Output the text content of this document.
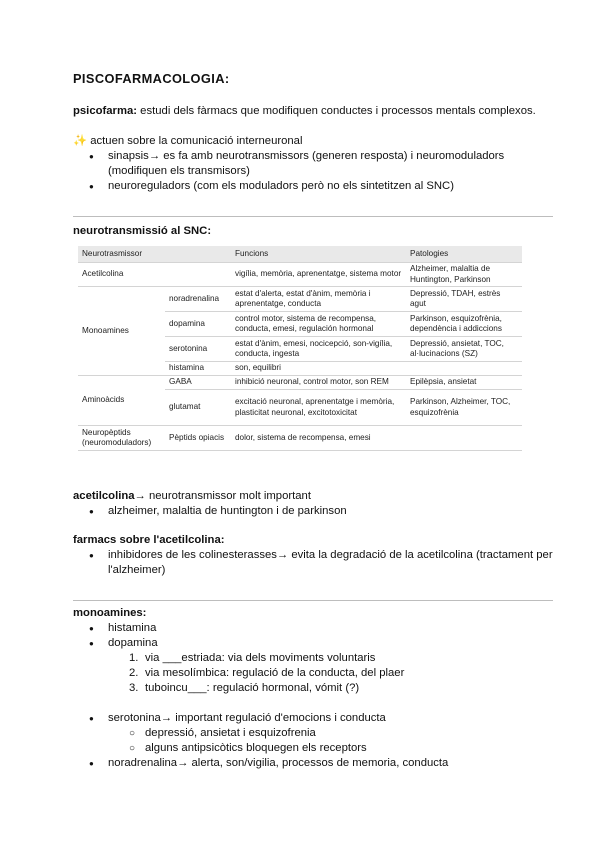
PISCOFARMACOLOGIA:
psicofarma: estudi dels fàrmacs que modifiquen conductes i processos mentals complexos.
✨ actuen sobre la comunicació interneuronal
● sinapsis→ es fa amb neurotransmissors (generen resposta) i neuromoduladors (modifiquen els transmisors)
● neuroreguladors (com els moduladors però no els sintetitzen al SNC)
neurotransmissió al SNC:
Neurotrasmissor		Funcions	Patologies
Acetilcolina		vigília, memòria, aprenentatge, sistema motor	Alzheimer, malaltia de Huntington, Parkinson
Monoamines	noradrenalina	estat d'alerta, estat d'ànim, memòria i aprenentatge, conducta	Depressió, TDAH, estrès agut
	dopamina	control motor, sistema de recompensa, conducta, emesi, regulación hormonal	Parkinson, esquizofrènia, dependència i addiccions
	serotonina	estat d'ànim, emesi, nocicepció, son-vigília, conducta, ingesta	Depressió, ansietat, TOC, al·lucinacions (SZ)
	histamina	son, equilibri	
Aminoàcids	GABA	inhibició neuronal, control motor, son REM	Epilèpsia, ansietat
	glutamat	excitació neuronal, aprenentatge i memòria, plasticitat neuronal, excitotoxicitat	Parkinson, Alzheimer, TOC, esquizofrènia
Neuropèptids (neuromoduladors)	Pèptids opiacis	dolor, sistema de recompensa, emesi	
acetilcolina→ neurotransmissor molt important
● alzheimer, malaltia de huntington i de parkinson
farmacs sobre l'acetilcolina:
● inhibidores de les colinesterasses→ evita la degradació de la acetilcolina (tractament per l'alzheimer)
monoamines:
● histamina
● dopamina
1. via ___estriada: via dels moviments voluntaris
2. via mesolímbica: regulació de la conducta, del plaer
3. tuboincu___: regulació hormonal, vómit (?)
● serotonina→ important regulació d'emocions i conducta
○ depressió, ansietat i esquizofrenia
○ alguns antipsicòtics bloquegen els receptors
● noradrenalina→ alerta, son/vigilia, processos de memoria, conducta
